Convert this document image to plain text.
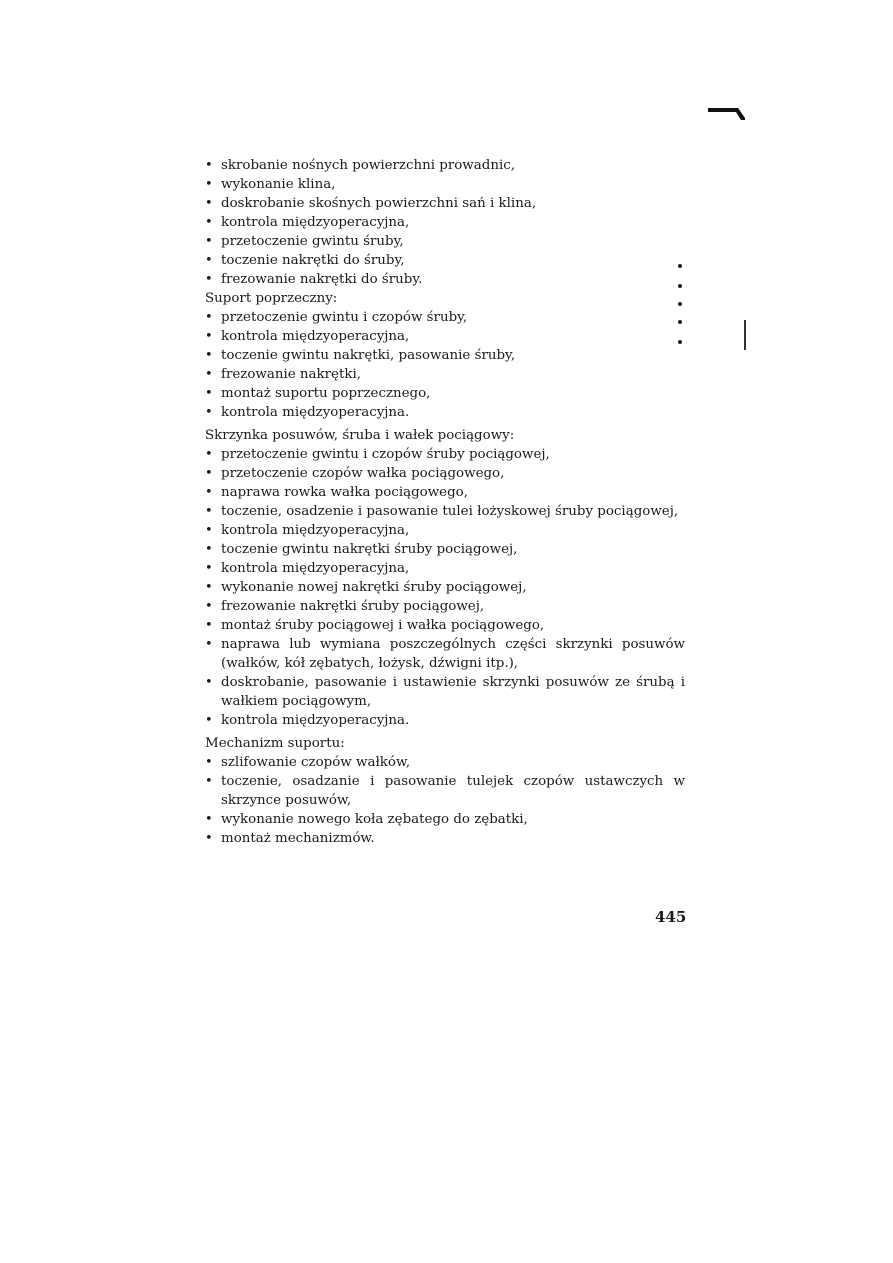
• skrobanie nośnych powierzchni prowadnic,
• wykonanie klina,
• doskrobanie skośnych powierzchni sań i klina,
• kontrola międzyoperacyjna,
• przetoczenie gwintu śruby,
• toczenie nakrętki do śruby,
• frezowanie nakrętki do śruby.

Suport poprzeczny:

• przetoczenie gwintu i czopów śruby,
• kontrola międzyoperacyjna,
• toczenie gwintu nakrętki, pasowanie śruby,
• frezowanie nakrętki,
• montaż suportu poprzecznego,
• kontrola międzyoperacyjna.

Skrzynka posuwów, śruba i wałek pociągowy:

• przetoczenie gwintu i czopów śruby pociągowej,
• przetoczenie czopów wałka pociągowego,
• naprawa rowka wałka pociągowego,
• toczenie, osadzenie i pasowanie tulei łożyskowej śruby pociągowej,
• kontrola międzyoperacyjna,
• toczenie gwintu nakrętki śruby pociągowej,
• kontrola międzyoperacyjna,
• wykonanie nowej nakrętki śruby pociągowej,
• frezowanie nakrętki śruby pociągowej,
• montaż śruby pociągowej i wałka pociągowego,
• naprawa lub wymiana poszczególnych części skrzynki posuwów (wałków, kół zębatych, łożysk, dźwigni itp.),
• doskrobanie, pasowanie i ustawienie skrzynki posuwów ze śrubą i wałkiem pociągowym,
• kontrola międzyoperacyjna.

Mechanizm suportu:

• szlifowanie czopów wałków,
• toczenie, osadzanie i pasowanie tulejek czopów ustawczych w skrzynce posuwów,
• wykonanie nowego koła zębatego do zębatki,
• montaż mechanizmów.
445
